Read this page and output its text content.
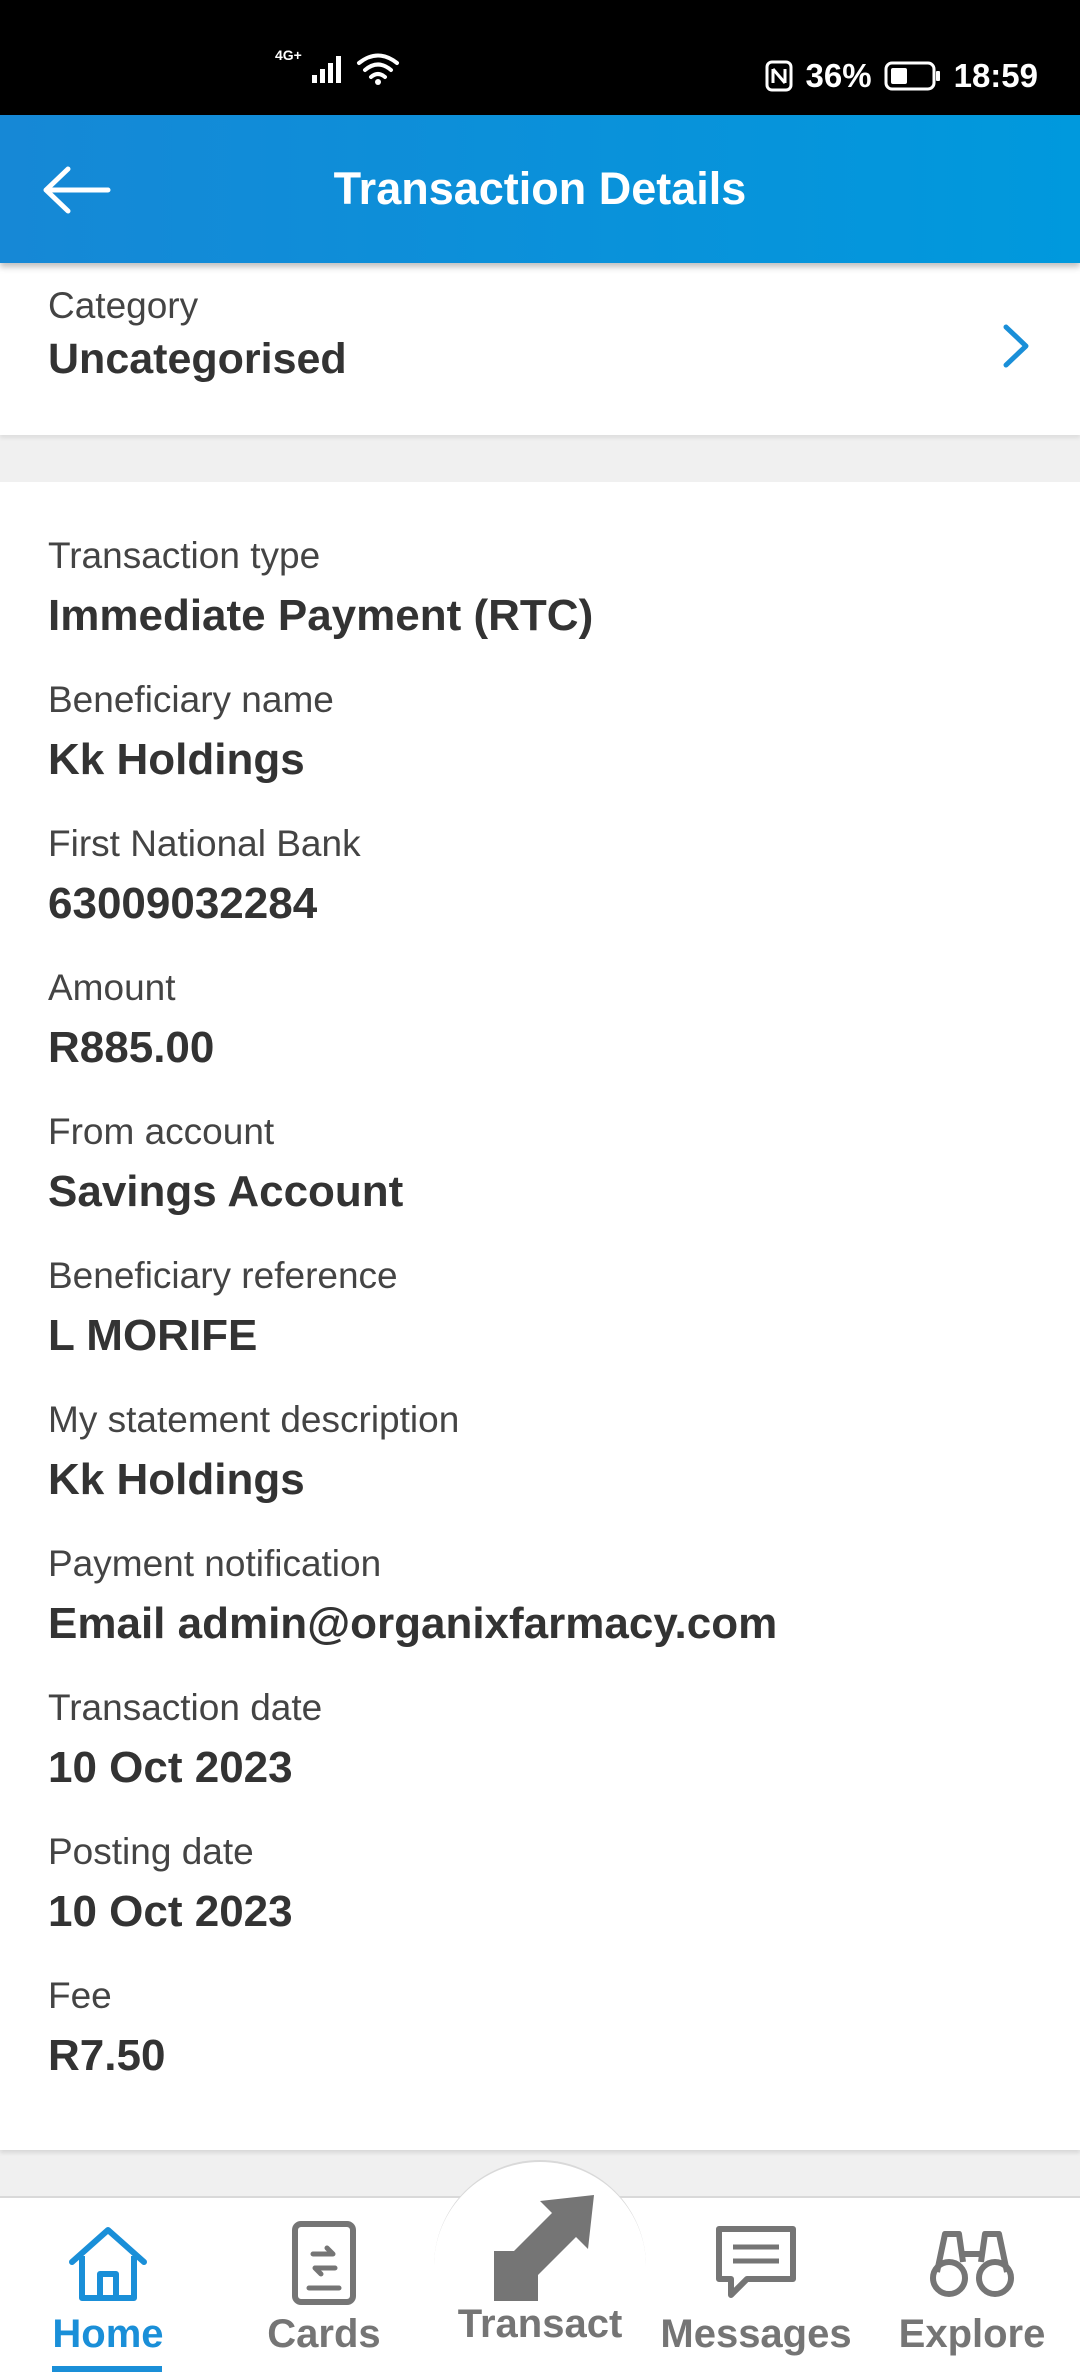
4G+
36% 18:59
Transaction Details
Category
Uncategorised
Transaction type
Immediate Payment (RTC)
Beneficiary name
Kk Holdings
First National Bank
63009032284
Amount
R885.00
From account
Savings Account
Beneficiary reference
L MORIFE
My statement description
Kk Holdings
Payment notification
Email admin@organixfarmacy.com
Transaction date
10 Oct 2023
Posting date
10 Oct 2023
Fee
R7.50
Home	Cards Transact Messages Explore
